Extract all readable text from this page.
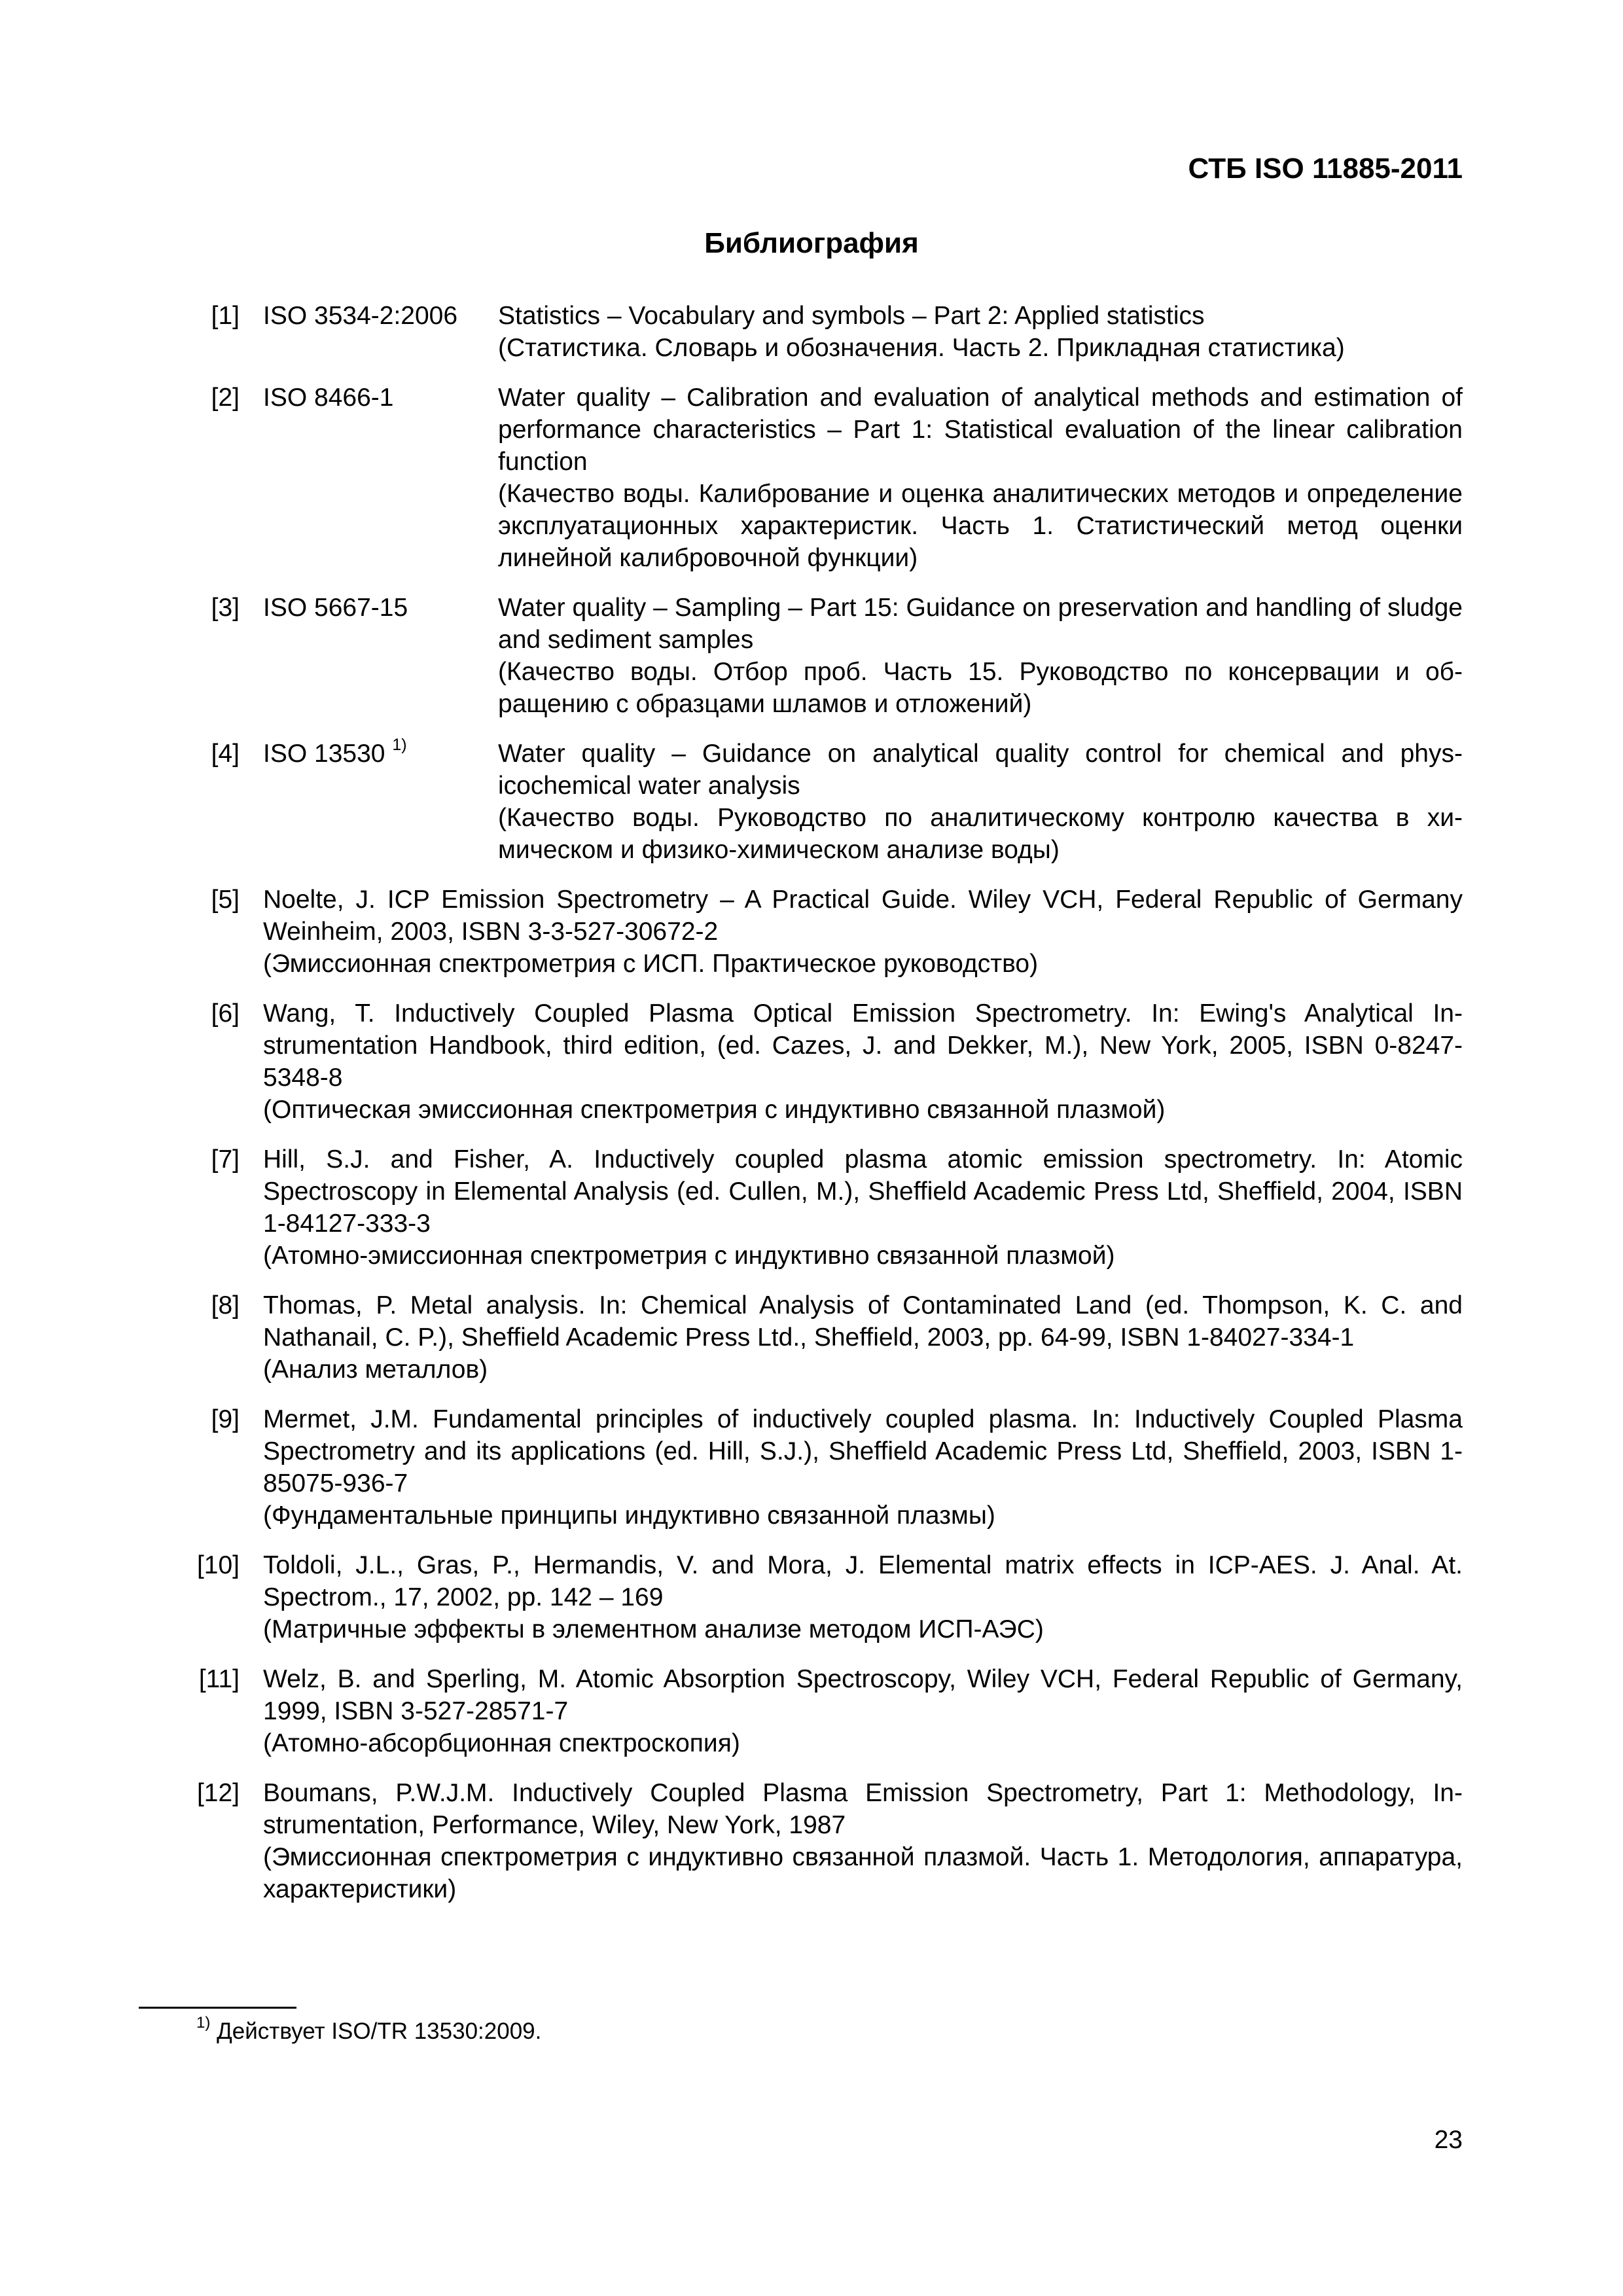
СТБ ISO 11885-2011
Библиография
[1] ISO 3534-2:2006 Statistics – Vocabulary and symbols – Part 2: Applied statistics
(Статистика. Словарь и обозначения. Часть 2. Прикладная статистика)
[2] ISO 8466-1	Water quality – Calibration and evaluation of analytical methods and estimation of performance characteristics – Part 1: Statistical evaluation of the linear calibration function
(Качество воды. Калибрование и оценка аналитических методов и определение эксплуатационных характеристик. Часть 1. Статистический метод оценки линейной калибровочной функции)
[3] ISO 5667-15	Water quality – Sampling – Part 15: Guidance on preservation and handling of sludge and sediment samples
(Качество воды. Отбор проб. Часть 15. Руководство по консервации и обращению с образцами шламов и отложений)
[4] ISO 13530 $^{1)}$	Water quality – Guidance on analytical quality control for chemical and physicochemical water analysis
(Качество воды. Руководство по аналитическому контролю качества в химическом и физико-химическом анализе воды)
[5] Noelte, J. ICP Emission Spectrometry – A Practical Guide. Wiley VCH, Federal Republic of Germany Weinheim, 2003, ISBN 3-3-527-30672-2
(Эмиссионная спектрометрия с ИСП. Практическое руководство)
[6] Wang, T. Inductively Coupled Plasma Optical Emission Spectrometry. In: Ewing's Analytical Instrumentation Handbook, third edition, (ed. Cazes, J. and Dekker, M.), New York, 2005, ISBN 0-8247-5348-8
(Оптическая эмиссионная спектрометрия с индуктивно связанной плазмой)
[7] Hill, S.J. and Fisher, A. Inductively coupled plasma atomic emission spectrometry. In: Atomic Spectroscopy in Elemental Analysis (ed. Cullen, M.), Sheffield Academic Press Ltd, Sheffield, 2004, ISBN 1-84127-333-3
(Атомно-эмиссионная спектрометрия с индуктивно связанной плазмой)
[8] Thomas, P. Metal analysis. In: Chemical Analysis of Contaminated Land (ed. Thompson, K. C. and Nathanail, C. P.), Sheffield Academic Press Ltd., Sheffield, 2003, pp. 64-99, ISBN 1-84027-334-1
(Анализ металлов)
[9] Mermet, J.M. Fundamental principles of inductively coupled plasma. In: Inductively Coupled Plasma Spectrometry and its applications (ed. Hill, S.J.), Sheffield Academic Press Ltd, Sheffield, 2003, ISBN 1-85075-936-7
(Фундаментальные принципы индуктивно связанной плазмы)
[10] Toldoli, J.L., Gras, P., Hermandis, V. and Mora, J. Elemental matrix effects in ICP-AES. J. Anal. At. Spectrom., 17, 2002, pp. 142 – 169
(Матричные эффекты в элементном анализе методом ИСП-АЭС)
[11] Welz, B. and Sperling, M. Atomic Absorption Spectroscopy, Wiley VCH, Federal Republic of Germany, 1999, ISBN 3-527-28571-7
(Атомно-абсорбционная спектроскопия)
[12] Boumans, P.W.J.M. Inductively Coupled Plasma Emission Spectrometry, Part 1: Methodology, Instrumentation, Performance, Wiley, New York, 1987
(Эмиссионная спектрометрия с индуктивно связанной плазмой. Часть 1. Методология, аппаратура, характеристики)
$^{1)}$ Действует ISO/TR 13530:2009.
23
